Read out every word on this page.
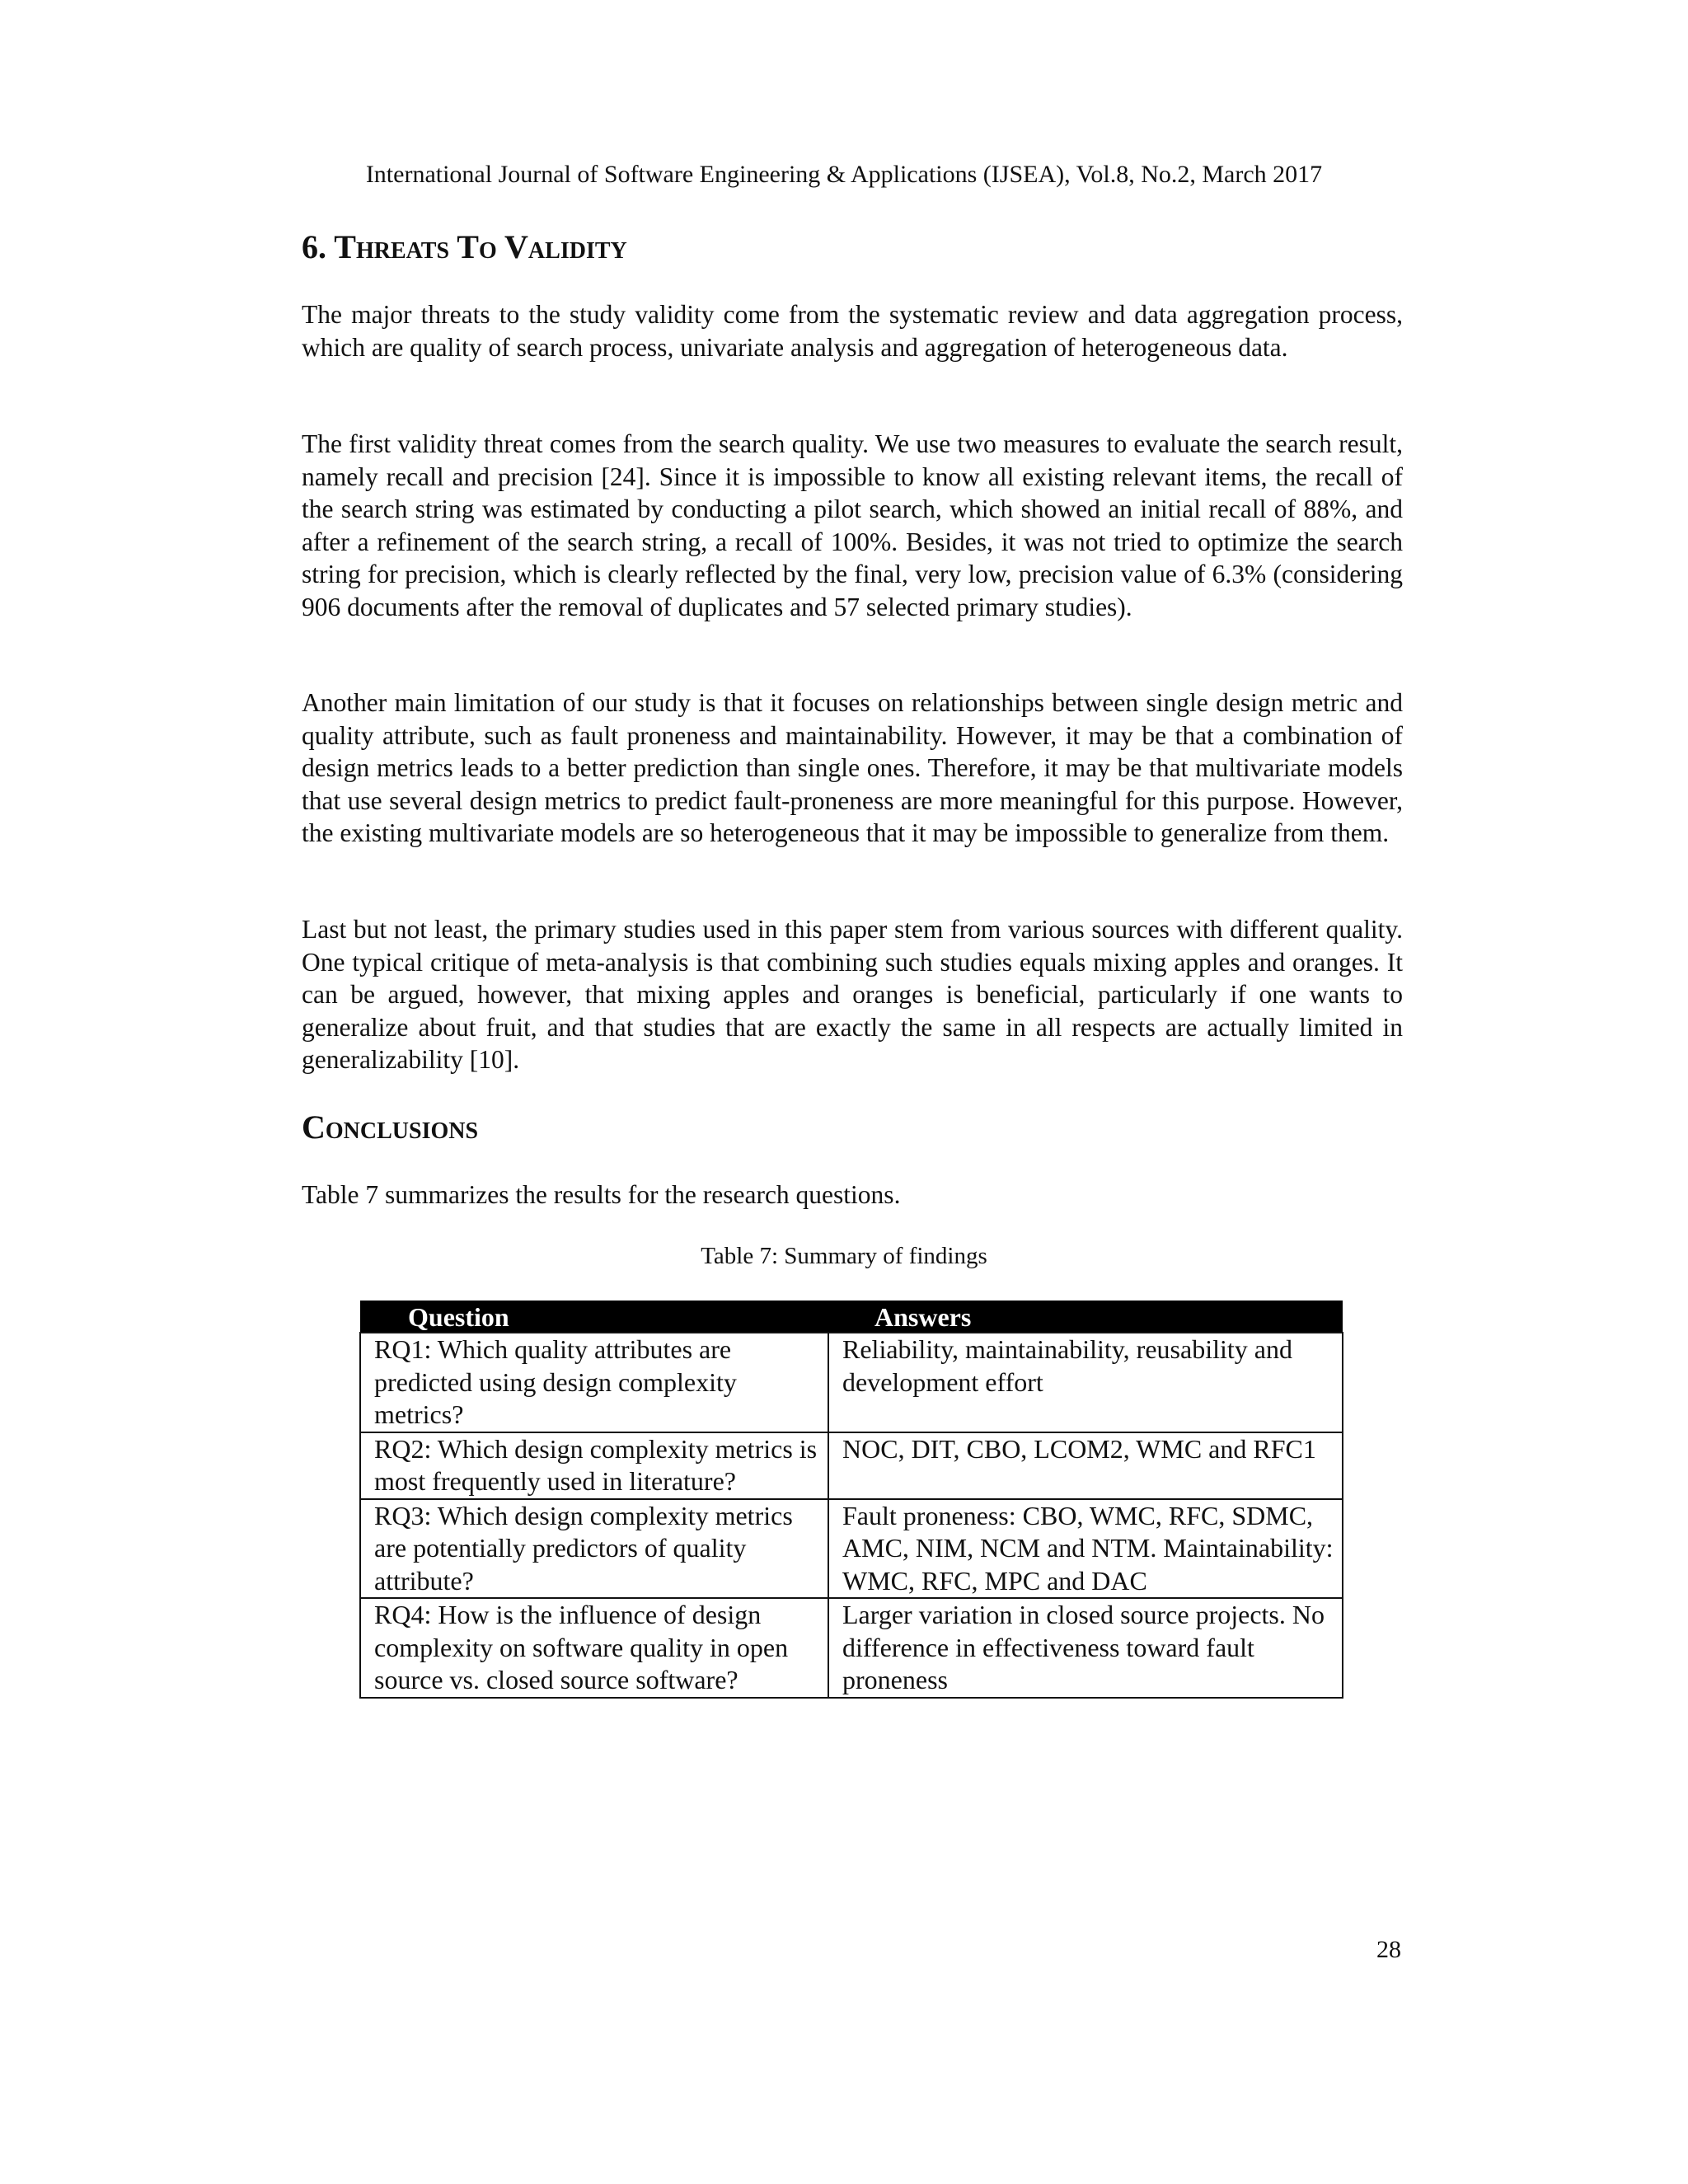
International Journal of Software Engineering & Applications (IJSEA), Vol.8, No.2, March 2017

6. Threats To Validity

The major threats to the study validity come from the systematic review and data aggregation process, which are quality of search process, univariate analysis and aggregation of heterogeneous data.

The first validity threat comes from the search quality. We use two measures to evaluate the search result, namely recall and precision [24]. Since it is impossible to know all existing relevant items, the recall of the search string was estimated by conducting a pilot search, which showed an initial recall of 88%, and after a refinement of the search string, a recall of 100%. Besides, it was not tried to optimize the search string for precision, which is clearly reflected by the final, very low, precision value of 6.3% (considering 906 documents after the removal of duplicates and 57 selected primary studies).

Another main limitation of our study is that it focuses on relationships between single design metric and quality attribute, such as fault proneness and maintainability. However, it may be that a combination of design metrics leads to a better prediction than single ones. Therefore, it may be that multivariate models that use several design metrics to predict fault-proneness are more meaningful for this purpose. However, the existing multivariate models are so heterogeneous that it may be impossible to generalize from them.

Last but not least, the primary studies used in this paper stem from various sources with different quality. One typical critique of meta-analysis is that combining such studies equals mixing apples and oranges. It can be argued, however, that mixing apples and oranges is beneficial, particularly if one wants to generalize about fruit, and that studies that are exactly the same in all respects are actually limited in generalizability [10].

Conclusions

Table 7 summarizes the results for the research questions.

Table 7: Summary of findings

Question	Answers
RQ1: Which quality attributes are predicted using design complexity metrics?	Reliability, maintainability, reusability and development effort
RQ2: Which design complexity metrics is most frequently used in literature?	NOC, DIT, CBO, LCOM2, WMC and RFC1
RQ3: Which design complexity metrics are potentially predictors of quality attribute?	Fault proneness: CBO, WMC, RFC, SDMC, AMC, NIM, NCM and NTM. Maintainability: WMC, RFC, MPC and DAC
RQ4: How is the influence of design complexity on software quality in open source vs. closed source software?	Larger variation in closed source projects. No difference in effectiveness toward fault proneness

28
